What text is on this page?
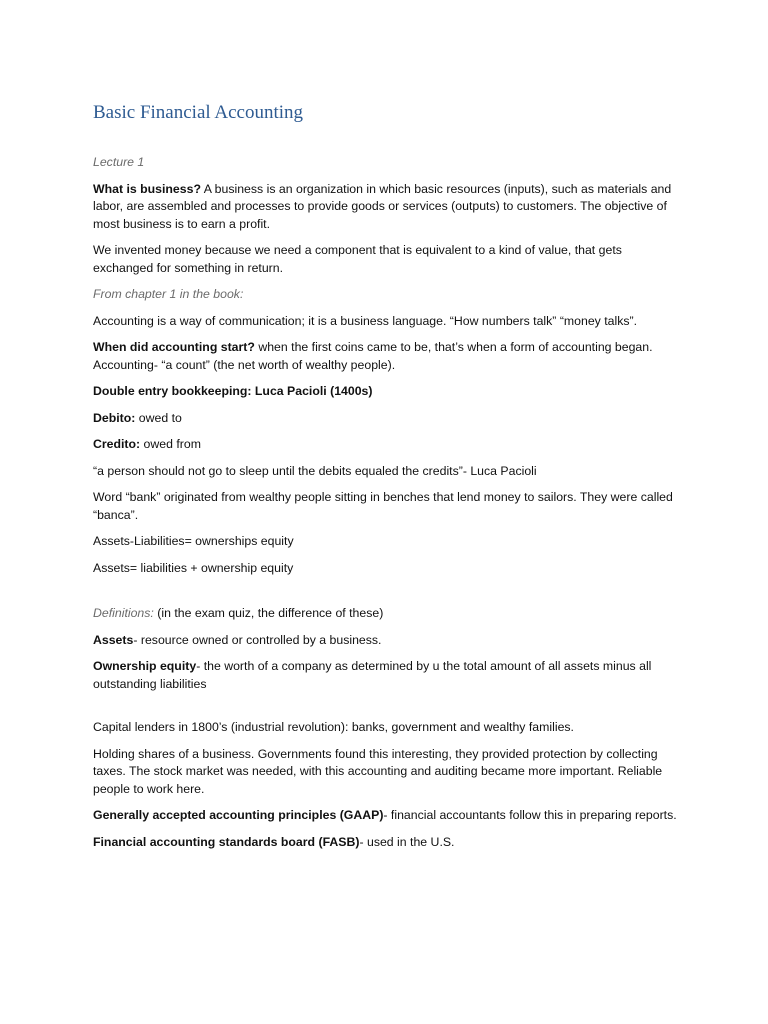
Basic Financial Accounting

Lecture 1

What is business? A business is an organization in which basic resources (inputs), such as materials and labor, are assembled and processes to provide goods or services (outputs) to customers. The objective of most business is to earn a profit.

We invented money because we need a component that is equivalent to a kind of value, that gets exchanged for something in return.

From chapter 1 in the book:

Accounting is a way of communication; it is a business language. “How numbers talk” “money talks”.

When did accounting start? when the first coins came to be, that’s when a form of accounting began. Accounting- “a count” (the net worth of wealthy people).

Double entry bookkeeping: Luca Pacioli (1400s)

Debito: owed to

Credito: owed from

“a person should not go to sleep until the debits equaled the credits”- Luca Pacioli

Word “bank” originated from wealthy people sitting in benches that lend money to sailors. They were called “banca”.

Assets-Liabilities= ownerships equity

Assets= liabilities + ownership equity

Definitions: (in the exam quiz, the difference of these)

Assets- resource owned or controlled by a business.

Ownership equity- the worth of a company as determined by u the total amount of all assets minus all outstanding liabilities

Capital lenders in 1800’s (industrial revolution): banks, government and wealthy families.

Holding shares of a business. Governments found this interesting, they provided protection by collecting taxes. The stock market was needed, with this accounting and auditing became more important. Reliable people to work here.

Generally accepted accounting principles (GAAP)- financial accountants follow this in preparing reports.

Financial accounting standards board (FASB)- used in the U.S.
